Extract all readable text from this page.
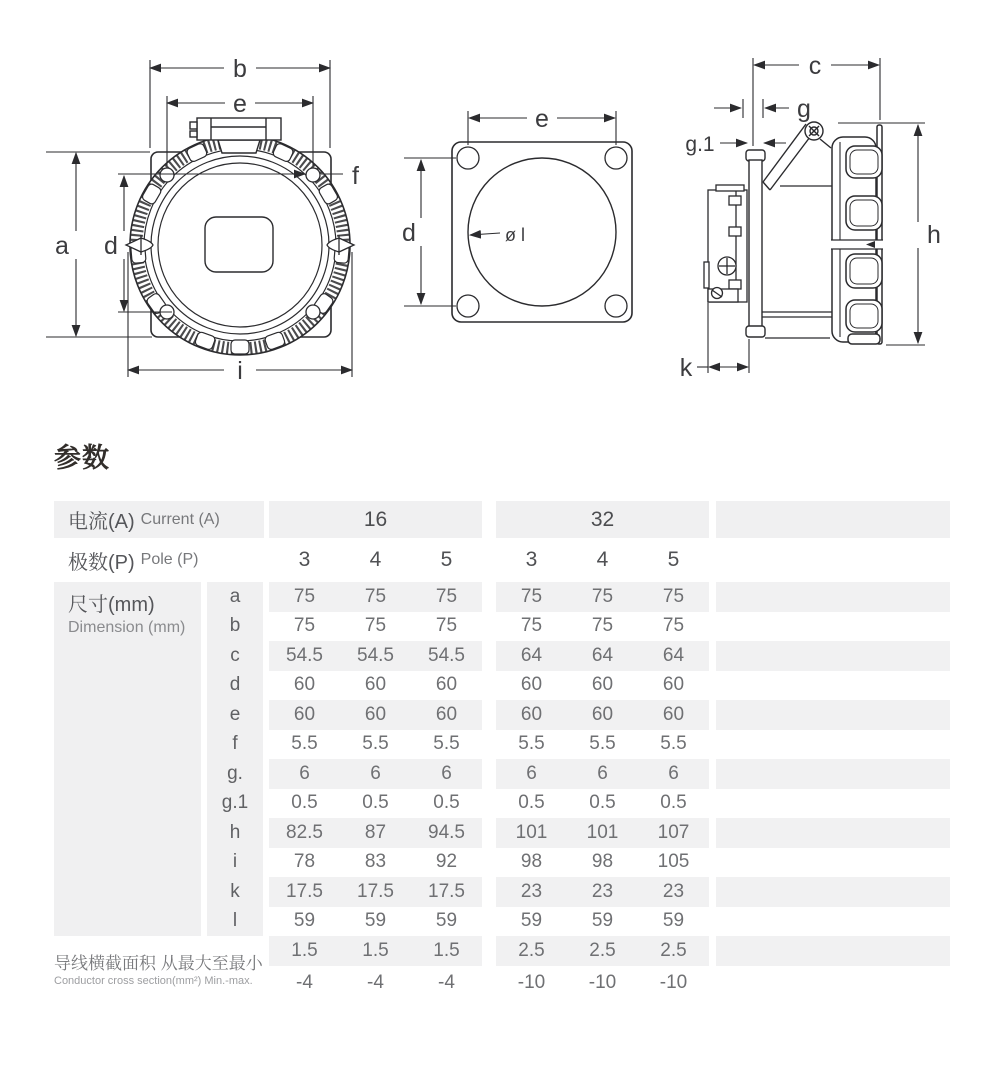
b
e
a d
f
i
e
d	ø l
c
g
g.1
h
k
参数
电流(A) Current (A)	16	32
极数(P) Pole (P)	3	4	5	3	4	5
尺寸(mm)
Dimension (mm)
a	75	75	75	75	75	75
b	75	75	75	75	75	75
c	54.5	54.5	54.5	64	64	64
d	60	60	60	60	60	60
e	60	60	60	60	60	60
f	5.5	5.5	5.5	5.5	5.5	5.5
g.	6	6	6	6	6	6
g.1	0.5	0.5	0.5	0.5	0.5	0.5
h	82.5	87	94.5	101	101	107
i	78	83	92	98	98	105
k	17.5	17.5	17.5	23	23	23
l	59	59	59	59	59	59
导线横截面积 从最大至最小
Conductor cross section(mm²) Min.-max.
1.5	1.5	1.5	2.5	2.5	2.5
-4	-4	-4	-10	-10	-10
